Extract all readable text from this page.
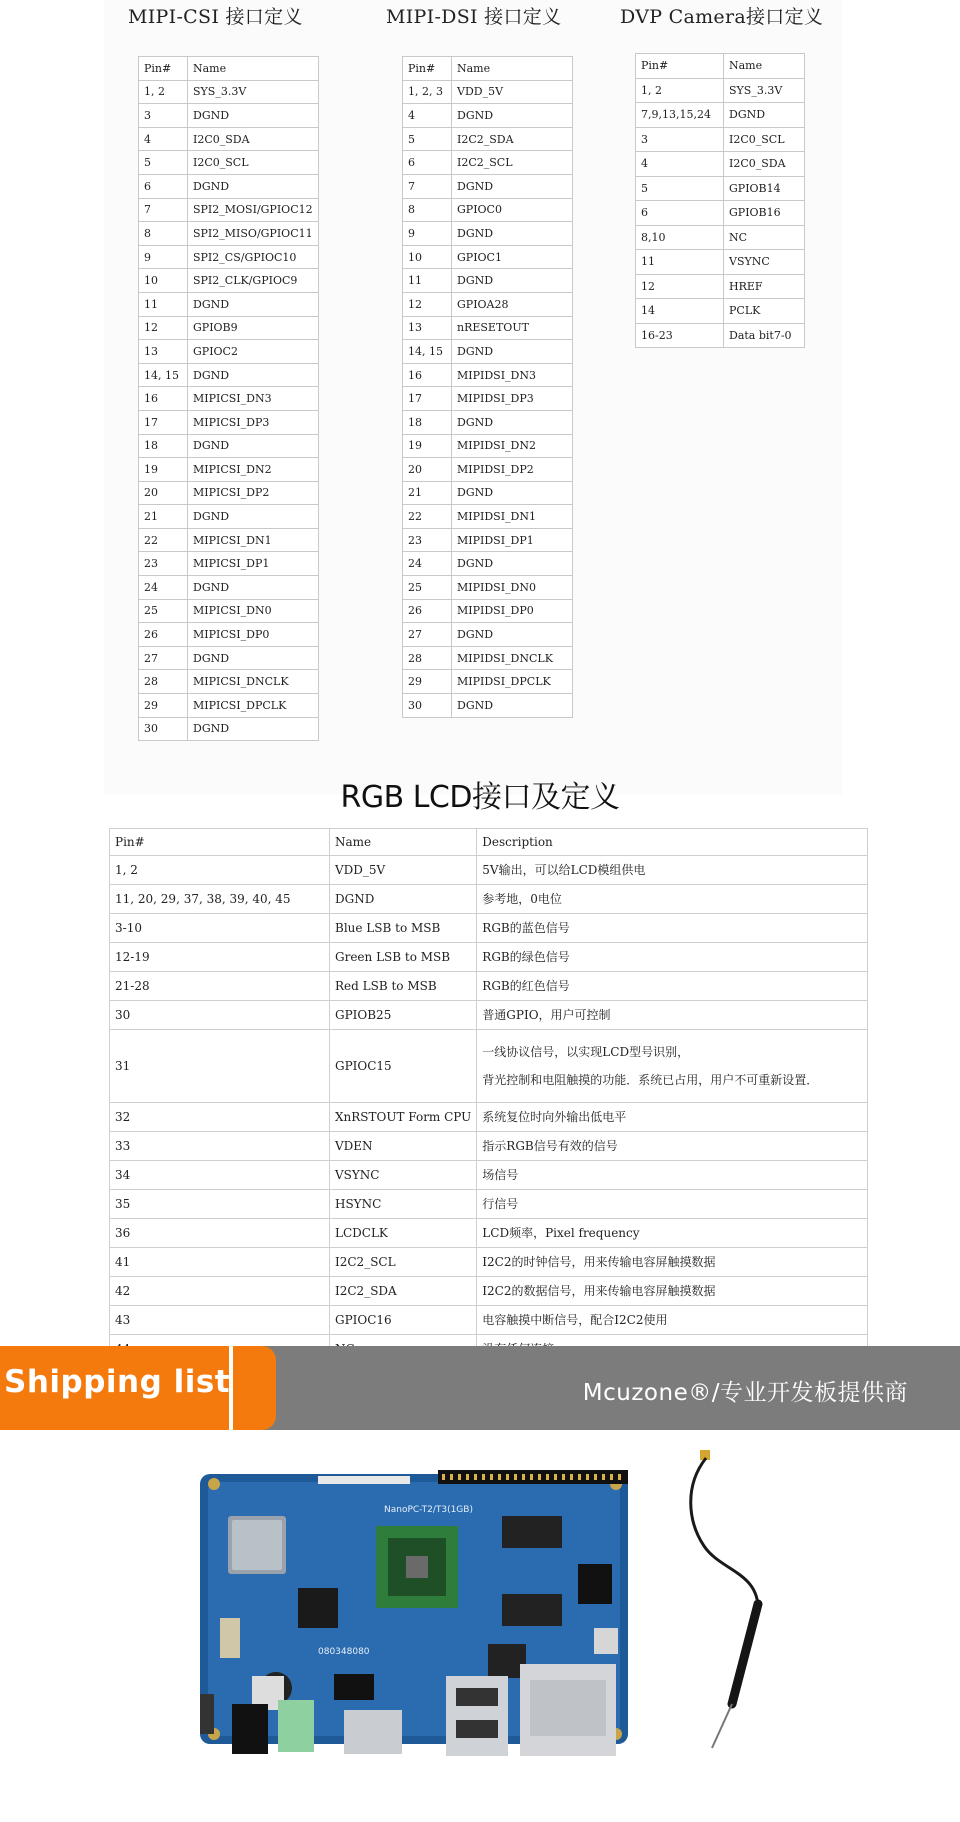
MIPI-CSI 接口定义	MIPI-DSI 接口定义	DVP Camera接口定义
Pin#	Name
1, 2	SYS_3.3V
3	DGND
4	I2C0_SDA
5	I2C0_SCL
6	DGND
7	SPI2_MOSI/GPIOC12
8	SPI2_MISO/GPIOC11
9	SPI2_CS/GPIOC10
10	SPI2_CLK/GPIOC9
11	DGND
12	GPIOB9
13	GPIOC2
14, 15	DGND
16	MIPICSI_DN3
17	MIPICSI_DP3
18	DGND
19	MIPICSI_DN2
20	MIPICSI_DP2
21	DGND
22	MIPICSI_DN1
23	MIPICSI_DP1
24	DGND
25	MIPICSI_DN0
26	MIPICSI_DP0
27	DGND
28	MIPICSI_DNCLK
29	MIPICSI_DPCLK
30	DGND
Pin#	Name
1, 2, 3	VDD_5V
4	DGND
5	I2C2_SDA
6	I2C2_SCL
7	DGND
8	GPIOC0
9	DGND
10	GPIOC1
11	DGND
12	GPIOA28
13	nRESETOUT
14, 15	DGND
16	MIPIDSI_DN3
17	MIPIDSI_DP3
18	DGND
19	MIPIDSI_DN2
20	MIPIDSI_DP2
21	DGND
22	MIPIDSI_DN1
23	MIPIDSI_DP1
24	DGND
25	MIPIDSI_DN0
26	MIPIDSI_DP0
27	DGND
28	MIPIDSI_DNCLK
29	MIPIDSI_DPCLK
30	DGND
Pin#	Name
1, 2	SYS_3.3V
7,9,13,15,24	DGND
3	I2C0_SCL
4	I2C0_SDA
5	GPIOB14
6	GPIOB16
8,10	NC
11	VSYNC
12	HREF
14	PCLK
16-23	Data bit7-0
RGB LCD接口及定义
Pin#	Name	Description
1, 2	VDD_5V	5V输出，可以给LCD模组供电

11, 20, 29, 37, 38, 39, 40, 45	DGND	参考地，0电位

3-10	Blue LSB to MSB	RGB的蓝色信号

12-19	Green LSB to MSB	RGB的绿色信号

21-28	Red LSB to MSB	RGB的红色信号

30	GPIOB25	普通GPIO，用户可控制

31	GPIOC15	一线协议信号，以实现LCD型号识别，
背光控制和电阻触摸的功能．系统已占用，用户不可重新设置．

32	XnRSTOUT Form CPU	系统复位时向外输出低电平

33	VDEN	指示RGB信号有效的信号

34	VSYNC	场信号

35	HSYNC	行信号

36	LCDCLK	LCD频率，Pixel frequency

41	I2C2_SCL	I2C2的时钟信号，用来传输电容屏触摸数据

42	I2C2_SDA	I2C2的数据信号，用来传输电容屏触摸数据

43	GPIOC16	电容触摸中断信号，配合I2C2使用

Shipping list	Mcuzone®/专业开发板提供商
NanoPC-T2/T3(1GB)
080348080
